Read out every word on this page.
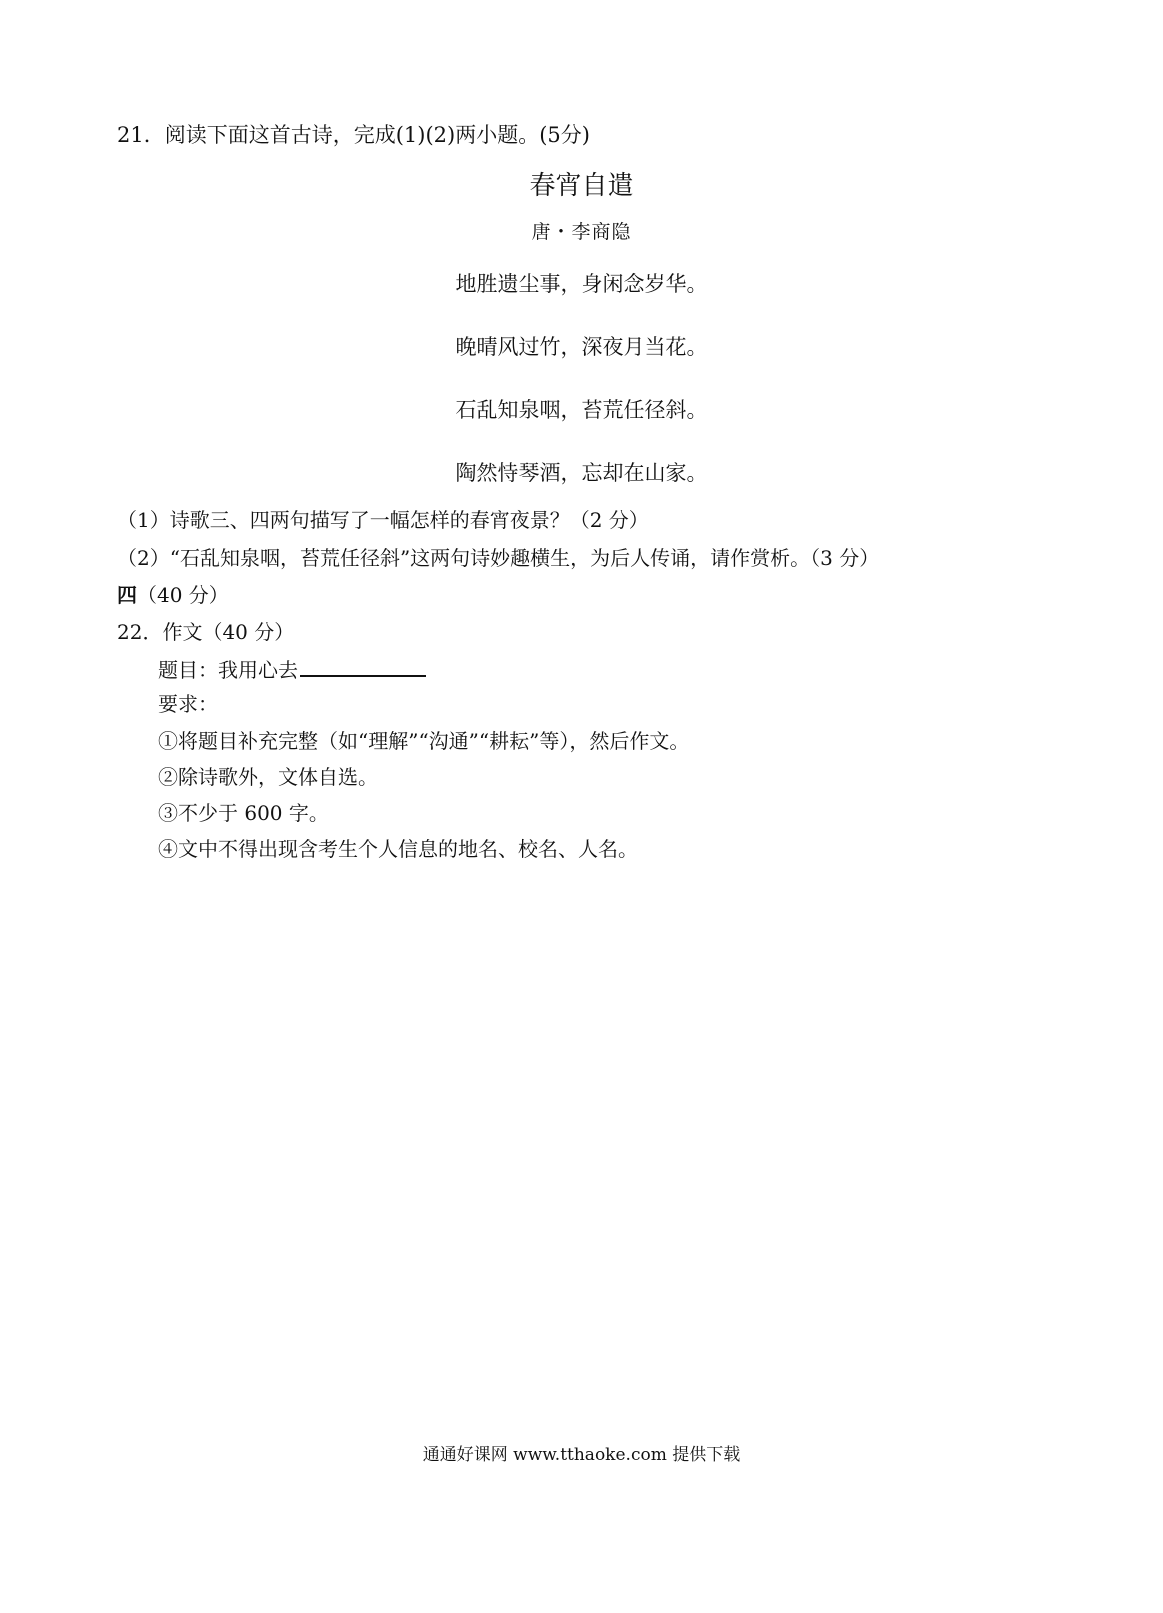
21．阅读下面这首古诗，完成(1)(2)两小题。(5分)
春宵自遣
唐・李商隐
地胜遗尘事，身闲念岁华。
晚晴风过竹，深夜月当花。
石乱知泉咽，苔荒任径斜。
陶然恃琴酒，忘却在山家。
（1）诗歌三、四两句描写了一幅怎样的春宵夜景？（2 分）
（2）“石乱知泉咽，苔荒任径斜”这两句诗妙趣横生，为后人传诵，请作赏析。（3 分）
四（40 分）
22．作文（40 分）
题目：我用心去
要求：
①将题目补充完整（如“理解”“沟通”“耕耘”等），然后作文。
②除诗歌外，文体自选。
③不少于 600 字。
④文中不得出现含考生个人信息的地名、校名、人名。
通通好课网 www.tthaoke.com 提供下载
